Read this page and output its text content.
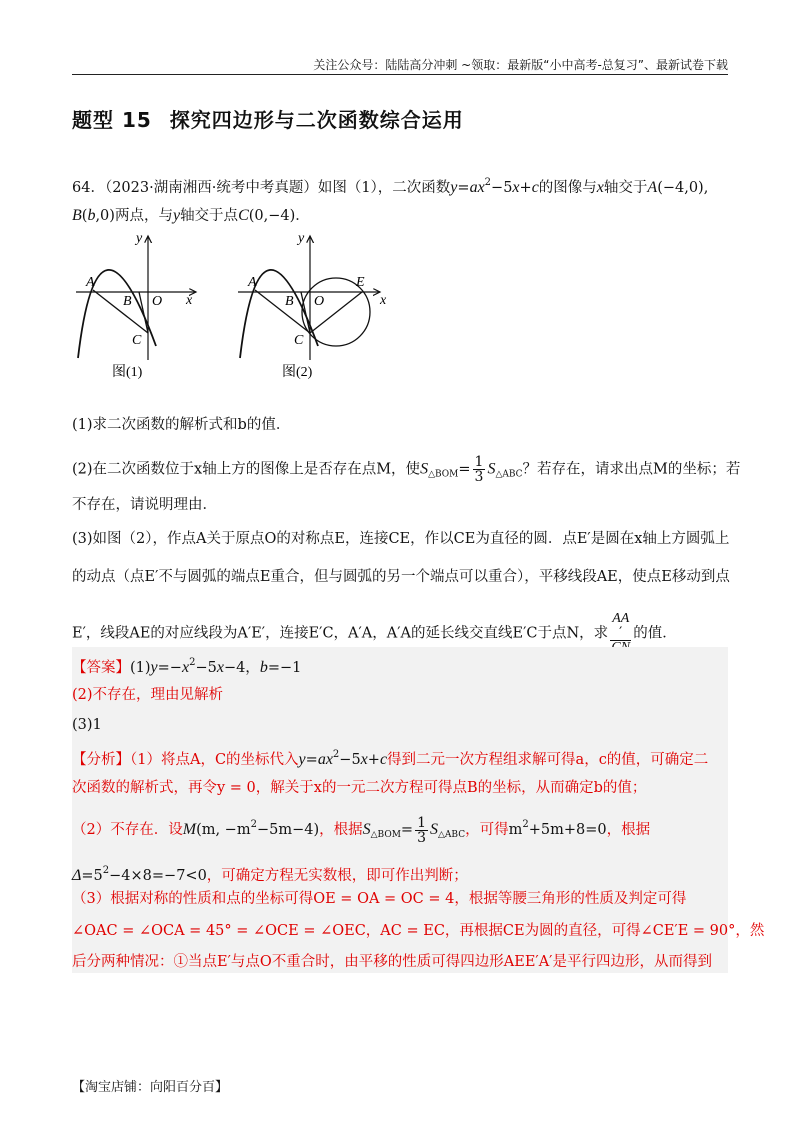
关注公众号：陆陆高分冲刺 ~领取：最新版“小中高考-总复习”、最新试卷下载
题型 15 探究四边形与二次函数综合运用
64．（2023·湖南湘西·统考中考真题）如图（1），二次函数$y=ax^2-5x+c$的图像与x轴交于A(−4,0),
B(b,0)两点，与y轴交于点C(0,−4)．
A
B O
C
x
y
图(1)
A
B O
C
E
x
y
图(2)
(1)求二次函数的解析式和b的值．
(2)在二次函数位于x轴上方的图像上是否存在点M，使$S_{\triangle BOM}= \frac{1}{3} S_{\triangle ABC}$？若存在，请求出点M的坐标；若
不存在，请说明理由．
(3)如图（2），作点A关于原点O的对称点E，连接CE，作以CE为直径的圆．点E′是圆在x轴上方圆弧上
的动点（点E′不与圆弧的端点E重合，但与圆弧的另一个端点可以重合），平移线段AE，使点E移动到点
E′，线段AE的对应线段为A′E′，连接E′C，A′A，A′A的延长线交直线E′C于点N，求
AA
′ 的值．
【答案】$(1)y=-x^2-5x-4$，b=−1
(2)不存在，理由见解析
(3)1
【分析】（1）将点A，C的坐标代入$y=ax^2-5x+c$得到二元一次方程组求解可得a，c的值，可确定二
次函数的解析式，再令y = 0，解关于x的一元二次方程可得点B的坐标，从而确定b的值；
（2）不存在．设M(m, $-m^2-5m-4$)，根据$S_{\triangle BOM}= \frac{1}{3} S_{\triangle ABC}$，可得$m^2+5m+8=0$，根据
$\Delta=5^2-4\times 8=-7<0$，可确定方程无实数根，即可作出判断；
（3）根据对称的性质和点的坐标可得OE = OA = OC = 4，根据等腰三角形的性质及判定可得
∠OAC = ∠OCA = 45° = ∠OCE = ∠OEC，AC = EC，再根据CE为圆的直径，可得∠CE′E = 90°，然
后分两种情况：①当点E′与点O不重合时，由平移的性质可得四边形AEE′A′是平行四边形，从而得到
【淘宝店铺：向阳百分百】
